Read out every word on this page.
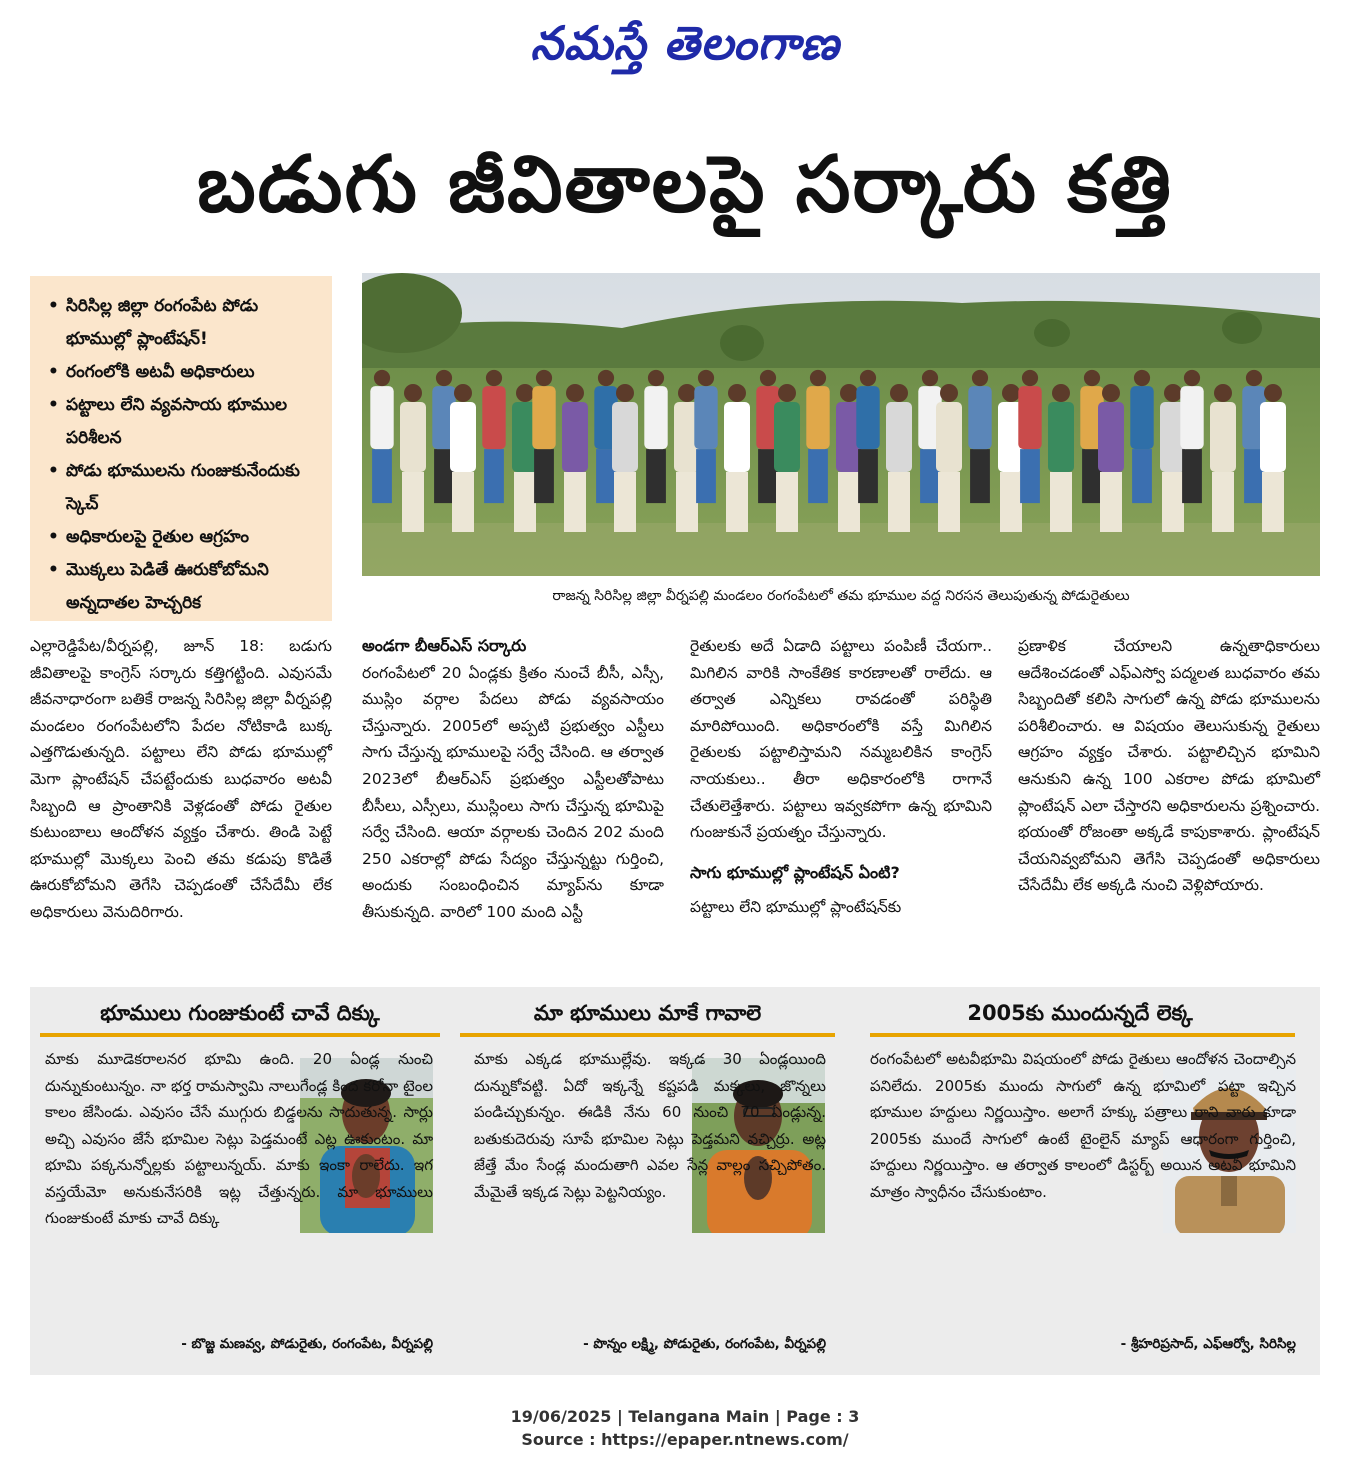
నమస్తే తెలంగాణ
బడుగు జీవితాలపై సర్కారు కత్తి
• సిరిసిల్ల జిల్లా రంగంపేట పోడు భూముల్లో ప్లాంటేషన్!
• రంగంలోకి అటవీ అధికారులు
• పట్టాలు లేని వ్యవసాయ భూముల పరిశీలన
• పోడు భూములను గుంజుకునేందుకు స్కెచ్
• అధికారులపై రైతుల ఆగ్రహం
• మొక్కలు పెడితే ఊరుకోబోమని అన్నదాతల హెచ్చరిక	రాజన్న సిరిసిల్ల జిల్లా వీర్నపల్లి మండలం రంగంపేటలో తమ భూముల వద్ద నిరసన తెలుపుతున్న పోడురైతులు
ఎల్లారెడ్డిపేట/వీర్నపల్లి, జూన్ 18: బడుగు జీవితాలపై కాంగ్రెస్ సర్కారు కత్తిగట్టింది. ఎవుసమే జీవనాధారంగా బతికే రాజన్న సిరిసిల్ల జిల్లా వీర్నపల్లి మండలం రంగంపేటలోని పేదల నోటికాడి బుక్క ఎత్తగొడుతున్నది. పట్టాలు లేని పోడు భూముల్లో మెగా ప్లాంటేషన్ చేపట్టేందుకు బుధవారం అటవీ సిబ్బంది ఆ ప్రాంతానికి వెళ్లడంతో పోడు రైతుల కుటుంబాలు ఆందోళన వ్యక్తం చేశారు. తిండి పెట్టే భూముల్లో మొక్కలు పెంచి తమ కడుపు కొడితే ఊరుకోబోమని తెగేసి చెప్పడంతో చేసేదేమీ లేక అధికారులు వెనుదిరిగారు.
అండగా బీఆర్ఎస్ సర్కారు
రంగంపేటలో 20 ఏండ్లకు క్రితం నుంచే బీసీ, ఎస్సీ, ముస్లిం వర్గాల పేదలు పోడు వ్యవసాయం చేస్తున్నారు. 2005లో అప్పటి ప్రభుత్వం ఎస్టీలు సాగు చేస్తున్న భూములపై సర్వే చేసింది. ఆ తర్వాత 2023లో బీఆర్ఎస్ ప్రభుత్వం ఎస్టీలతోపాటు బీసీలు, ఎస్సీలు, ముస్లింలు సాగు చేస్తున్న భూమిపై సర్వే చేసింది. ఆయా వర్గాలకు చెందిన 202 మంది 250 ఎకరాల్లో పోడు సేద్యం చేస్తున్నట్టు గుర్తించి, అందుకు సంబంధించిన మ్యాప్‌ను కూడా తీసుకున్నది. వారిలో 100 మంది ఎస్టీ
రైతులకు అదే ఏడాది పట్టాలు పంపిణీ చేయగా.. మిగిలిన వారికి సాంకేతిక కారణాలతో రాలేదు. ఆ తర్వాత ఎన్నికలు రావడంతో పరిస్థితి మారిపోయింది. అధికారంలోకి వస్తే మిగిలిన రైతులకు పట్టాలిస్తామని నమ్మబలికిన కాంగ్రెస్ నాయకులు.. తీరా అధికారంలోకి రాగానే చేతులెత్తేశారు. పట్టాలు ఇవ్వకపోగా ఉన్న భూమిని గుంజుకునే ప్రయత్నం చేస్తున్నారు.
సాగు భూముల్లో ప్లాంటేషన్ ఏంటి?
పట్టాలు లేని భూముల్లో ప్లాంటేషన్‌కు
ప్రణాళిక చేయాలని ఉన్నతాధికారులు ఆదేశించడంతో ఎఫ్ఎస్వో పద్మలత బుధవారం తమ సిబ్బందితో కలిసి సాగులో ఉన్న పోడు భూములను పరిశీలించారు. ఆ విషయం తెలుసుకున్న రైతులు ఆగ్రహం వ్యక్తం చేశారు. పట్టాలిచ్చిన భూమిని ఆనుకుని ఉన్న 100 ఎకరాల పోడు భూమిలో ప్లాంటేషన్ ఎలా చేస్తారని అధికారులను ప్రశ్నించారు. భయంతో రోజంతా అక్కడే కాపుకాశారు. ప్లాంటేషన్ చేయనివ్వబోమని తెగేసి చెప్పడంతో అధికారులు చేసేదేమీ లేక అక్కడి నుంచి వెళ్లిపోయారు.
భూములు గుంజుకుంటే చావే దిక్కు	మా భూములు మాకే గావాలె	2005కు ముందున్నదే లెక్క
మాకు మూడెకరాలనర భూమి ఉంది. 20 ఏండ్ల నుంచి దున్నుకుంటున్నం. నా భర్త రామస్వామి నాలుగేండ్ల కింద కరోనా టైంల కాలం జేసిండు. ఎవుసం చేసే ముగ్గురు బిడ్డలను సాదుతున్న. సార్లు అచ్చి ఎవుసం జేసే భూమిల సెట్లు పెడ్తమంటే ఎట్ల ఊకుంటం. మా భూమి పక్కనున్నోల్లకు పట్టాలున్నయ్. మాకు ఇంకా రాలేదు. ఇగ వస్తయేమో అనుకునేసరికి ఇట్ల చేత్తున్నరు. మా భూములు గుంజుకుంటే మాకు చావే దిక్కు
మాకు ఎక్కడ భూముల్లేవు. ఇక్కడ 30 ఏండ్లయింది దున్నుకోవట్టి. ఏదో ఇక్కన్నే కష్టపడి మక్కలు, జొన్నలు పండిచ్చుకున్నం. ఈడికి నేను 60 నుంచి 70 ఏండ్లున్న. బతుకుదెరువు సూపే భూమిల సెట్లు పెడ్తమని వచ్చిర్రు. అట్ల జేత్తే మేం సేండ్ల మందుతాగి ఎవల సేన్ల వాల్లం సచ్చిపోతం. మేమైతే ఇక్కడ సెట్లు పెట్టనియ్యం.
రంగంపేటలో అటవీభూమి విషయంలో పోడు రైతులు ఆందోళన చెందాల్సిన పనిలేదు. 2005కు ముందు సాగులో ఉన్న భూమిలో పట్టా ఇచ్చిన భూముల హద్దులు నిర్ణయిస్తాం. అలాగే హక్కు పత్రాలు రాని వారు కూడా 2005కు ముందే సాగులో ఉంటే టైంలైన్ మ్యాప్ ఆధారంగా గుర్తించి, హద్దులు నిర్ణయిస్తాం. ఆ తర్వాత కాలంలో డిస్టర్బ్ అయిన అటవీ భూమిని మాత్రం స్వాధీనం చేసుకుంటాం.
- బొజ్జ మణవ్వ, పోడురైతు, రంగంపేట, వీర్నపల్లి	- పొన్నం లక్ష్మి, పోడురైతు, రంగంపేట, వీర్నపల్లి	- శ్రీహరిప్రసాద్, ఎఫ్ఆర్వో, సిరిసిల్ల
19/06/2025 | Telangana Main | Page : 3
Source : https://epaper.ntnews.com/
